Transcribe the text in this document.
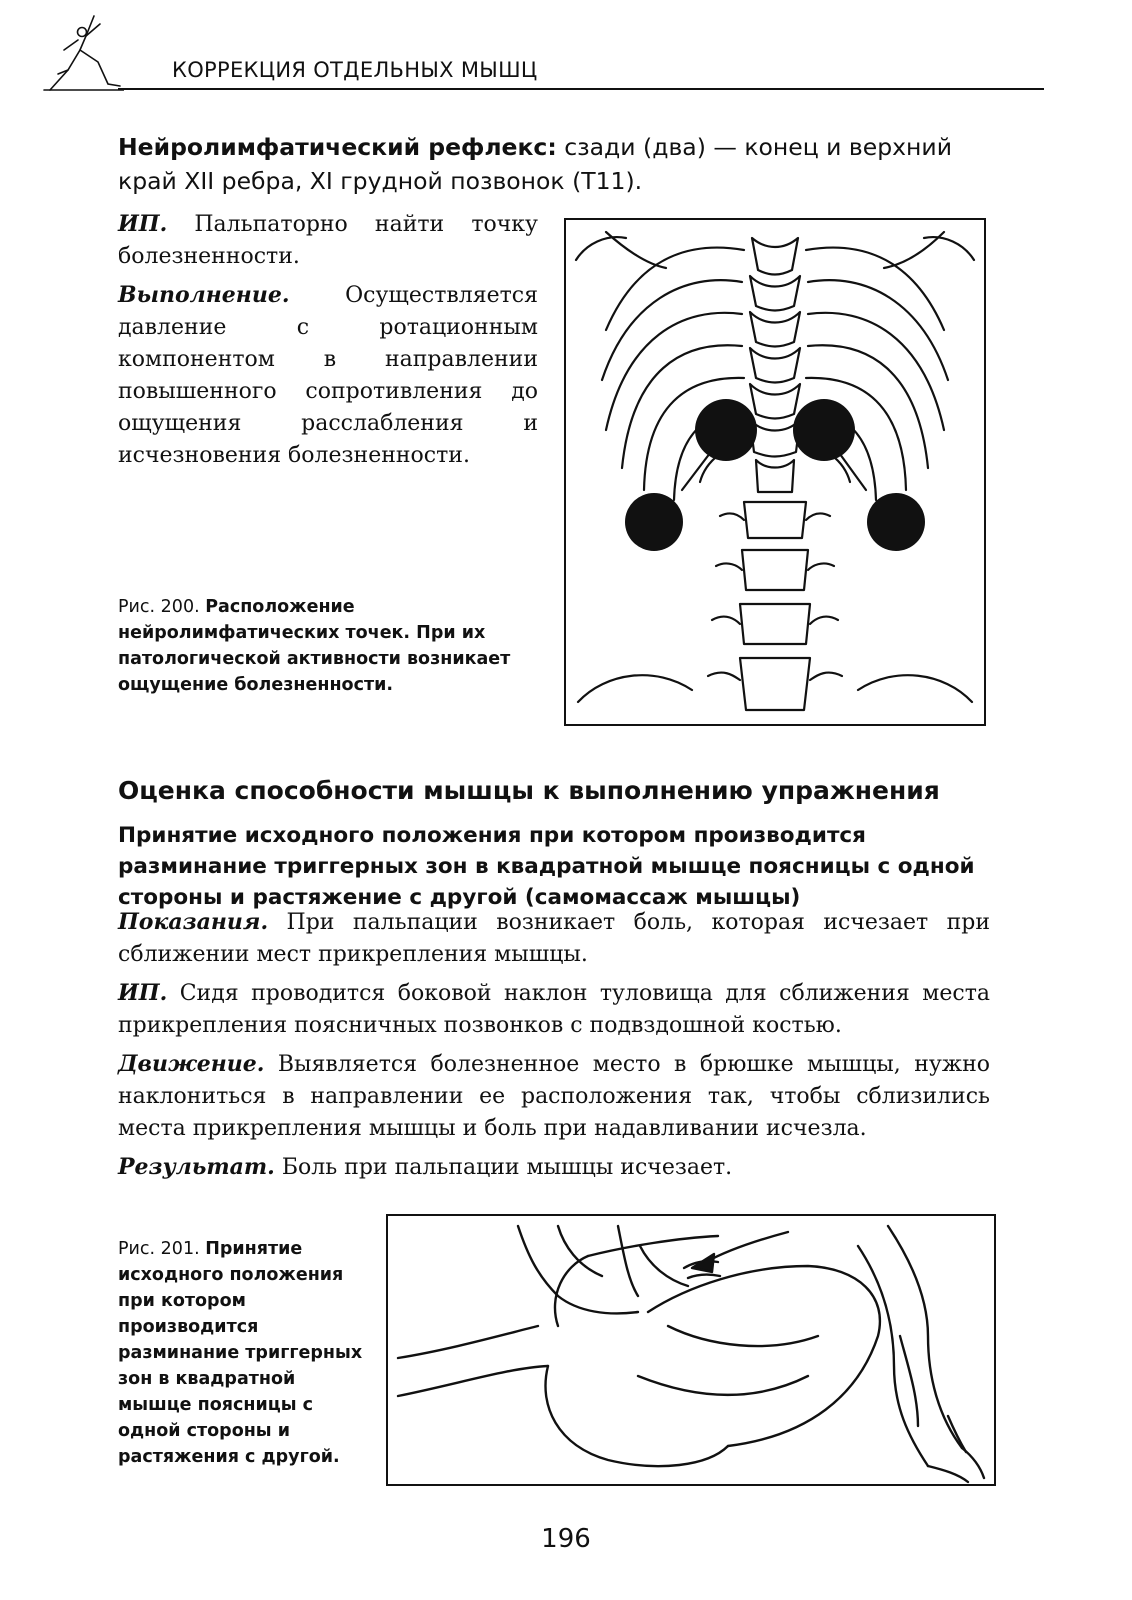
КОРРЕКЦИЯ ОТДЕЛЬНЫХ МЫШЦ
Нейролимфатический рефлекс: сзади (два) — конец и верхний край XII ребра, XI грудной позвонок (Т11).

ИП. Пальпаторно найти точку болезненности.

Выполнение. Осуществляется давление с ротационным компонентом в направлении повышенного сопротивления до ощущения расслабления и исчезновения болезненности.

Рис. 200. Расположение нейролимфатических точек. При их патологической активности возникает ощущение болезненности.
Оценка способности мышцы к выполнению упражнения
Принятие исходного положения при котором производится разминание триггерных зон в квадратной мышце поясницы с одной стороны и растяжение с другой (самомассаж мышцы)

Показания. При пальпации возникает боль, которая исчезает при сближении мест прикрепления мышцы.

ИП. Сидя проводится боковой наклон туловища для сближения места прикрепления поясничных позвонков с подвздошной костью.

Движение. Выявляется болезненное место в брюшке мышцы, нужно наклониться в направлении ее расположения так, чтобы сблизились места прикрепления мышцы и боль при надавливании исчезла.

Результат. Боль при пальпации мышцы исчезает.

Рис. 201. Принятие исходного положения при котором производится разминание триггерных зон в квадратной мышце поясницы с одной стороны и растяжения с другой.
196
